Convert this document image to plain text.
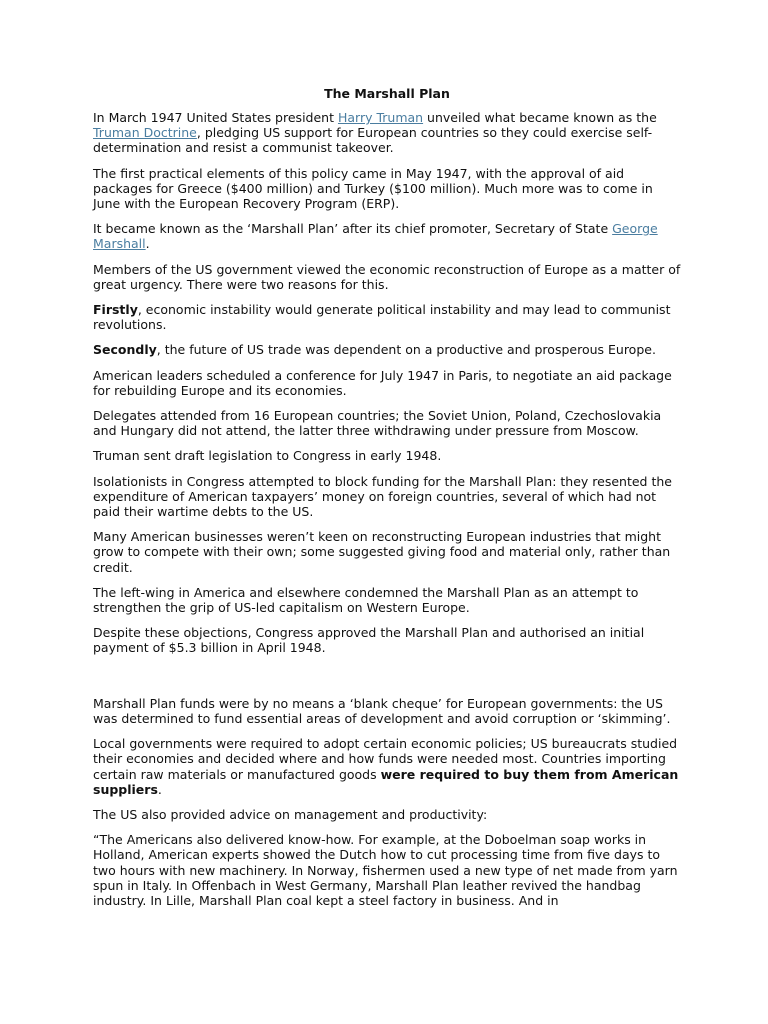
The Marshall Plan

In March 1947 United States president Harry Truman unveiled what became known as the Truman Doctrine, pledging US support for European countries so they could exercise self-determination and resist a communist takeover.

The first practical elements of this policy came in May 1947, with the approval of aid packages for Greece ($400 million) and Turkey ($100 million). Much more was to come in June with the European Recovery Program (ERP).

It became known as the ‘Marshall Plan’ after its chief promoter, Secretary of State George Marshall.

Members of the US government viewed the economic reconstruction of Europe as a matter of great urgency. There were two reasons for this.

Firstly, economic instability would generate political instability and may lead to communist revolutions.

Secondly, the future of US trade was dependent on a productive and prosperous Europe.

American leaders scheduled a conference for July 1947 in Paris, to negotiate an aid package for rebuilding Europe and its economies.

Delegates attended from 16 European countries; the Soviet Union, Poland, Czechoslovakia and Hungary did not attend, the latter three withdrawing under pressure from Moscow.

Truman sent draft legislation to Congress in early 1948.

Isolationists in Congress attempted to block funding for the Marshall Plan: they resented the expenditure of American taxpayers’ money on foreign countries, several of which had not paid their wartime debts to the US.

Many American businesses weren’t keen on reconstructing European industries that might grow to compete with their own; some suggested giving food and material only, rather than credit.

The left-wing in America and elsewhere condemned the Marshall Plan as an attempt to strengthen the grip of US-led capitalism on Western Europe.

Despite these objections, Congress approved the Marshall Plan and authorised an initial payment of $5.3 billion in April 1948.

Marshall Plan funds were by no means a ‘blank cheque’ for European governments: the US was determined to fund essential areas of development and avoid corruption or ‘skimming’.

Local governments were required to adopt certain economic policies; US bureaucrats studied their economies and decided where and how funds were needed most. Countries importing certain raw materials or manufactured goods were required to buy them from American suppliers.

The US also provided advice on management and productivity:

“The Americans also delivered know-how. For example, at the Doboelman soap works in Holland, American experts showed the Dutch how to cut processing time from five days to two hours with new machinery. In Norway, fishermen used a new type of net made from yarn spun in Italy. In Offenbach in West Germany, Marshall Plan leather revived the handbag industry. In Lille, Marshall Plan coal kept a steel factory in business. And in
